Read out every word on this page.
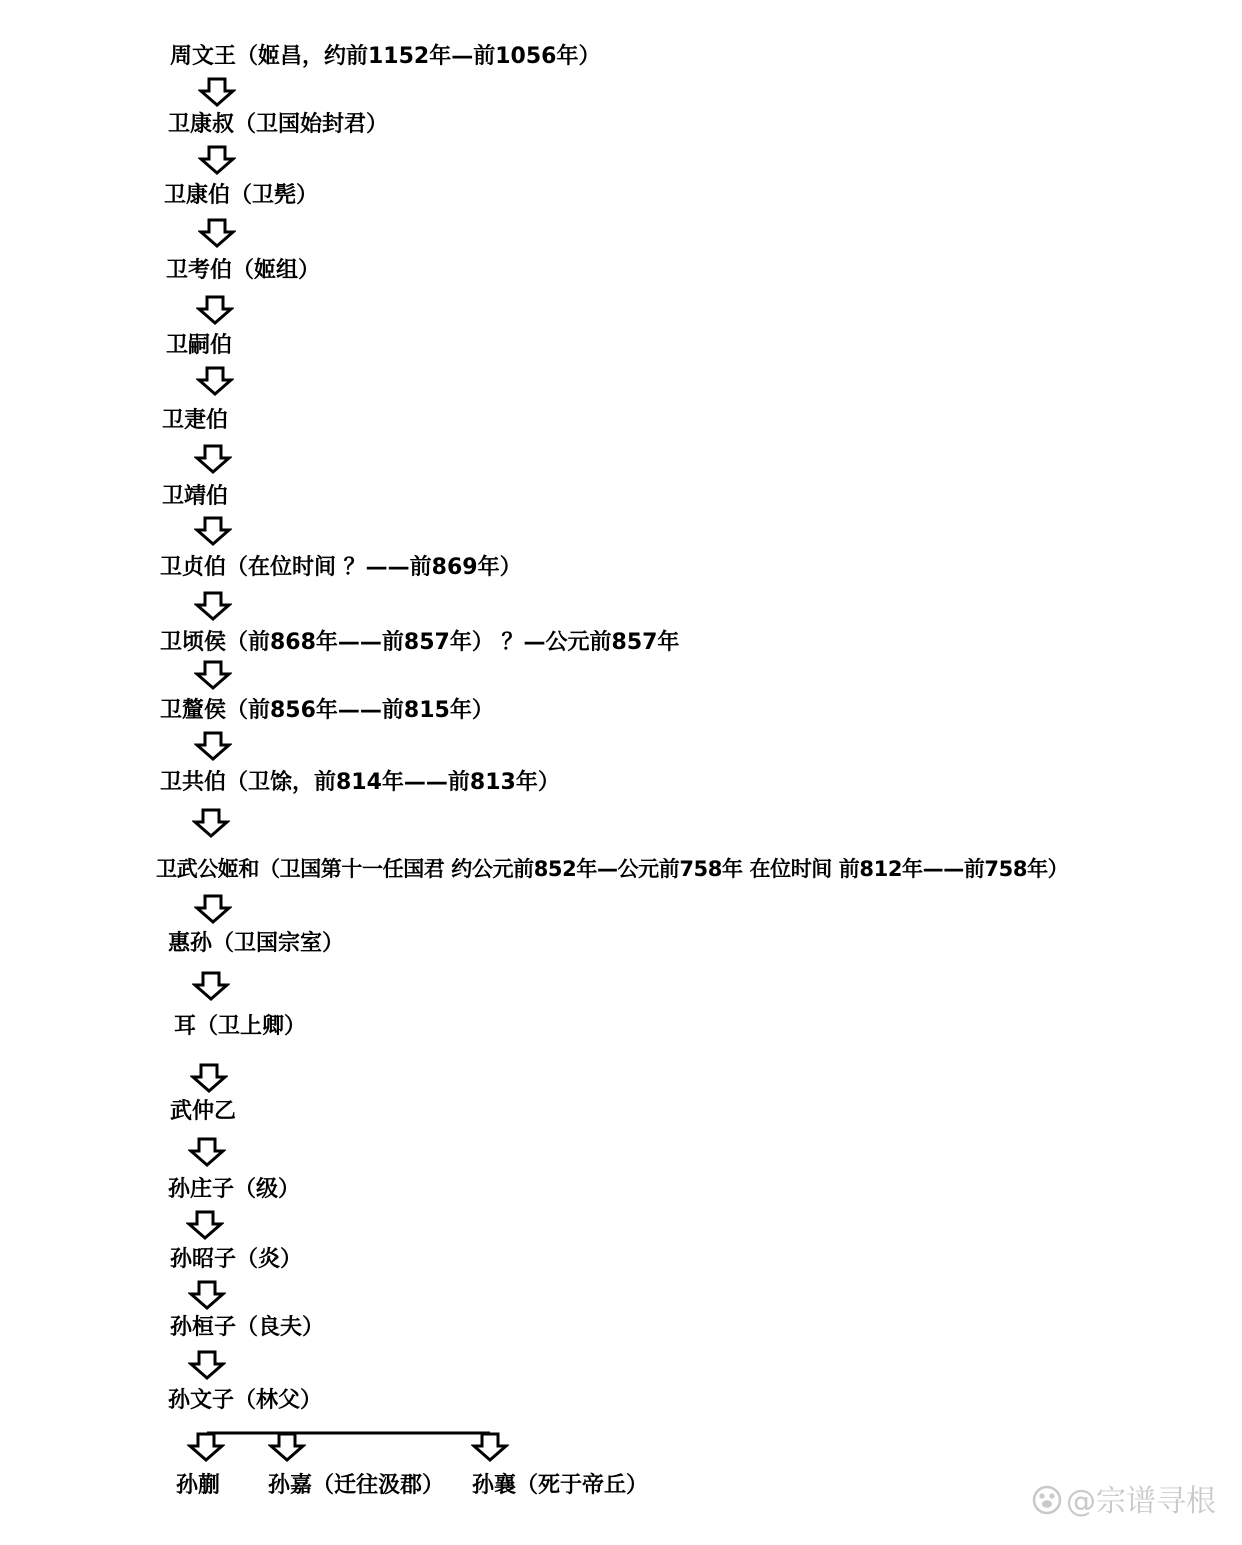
周文王（姬昌，约前1152年—前1056年）
卫康叔（卫国始封君）
卫康伯（卫髡）
卫考伯（姬组）
卫嗣伯
卫疌伯
卫靖伯
卫贞伯（在位时间 ？——前869年）
卫顷侯（前868年——前857年） ？—公元前857年
卫釐侯（前856年——前815年）
卫共伯（卫馀，前814年——前813年）
卫武公姬和（卫国第十一任国君 约公元前852年—公元前758年 在位时间 前812年——前758年）
惠孙（卫国宗室）
耳（卫上卿）
武仲乙
孙庄子（级）
孙昭子（炎）
孙桓子（良夫）
孙文子（林父）
孙蒯 孙嘉（迁往汲郡） 孙襄（死于帝丘）	@宗谱寻根
